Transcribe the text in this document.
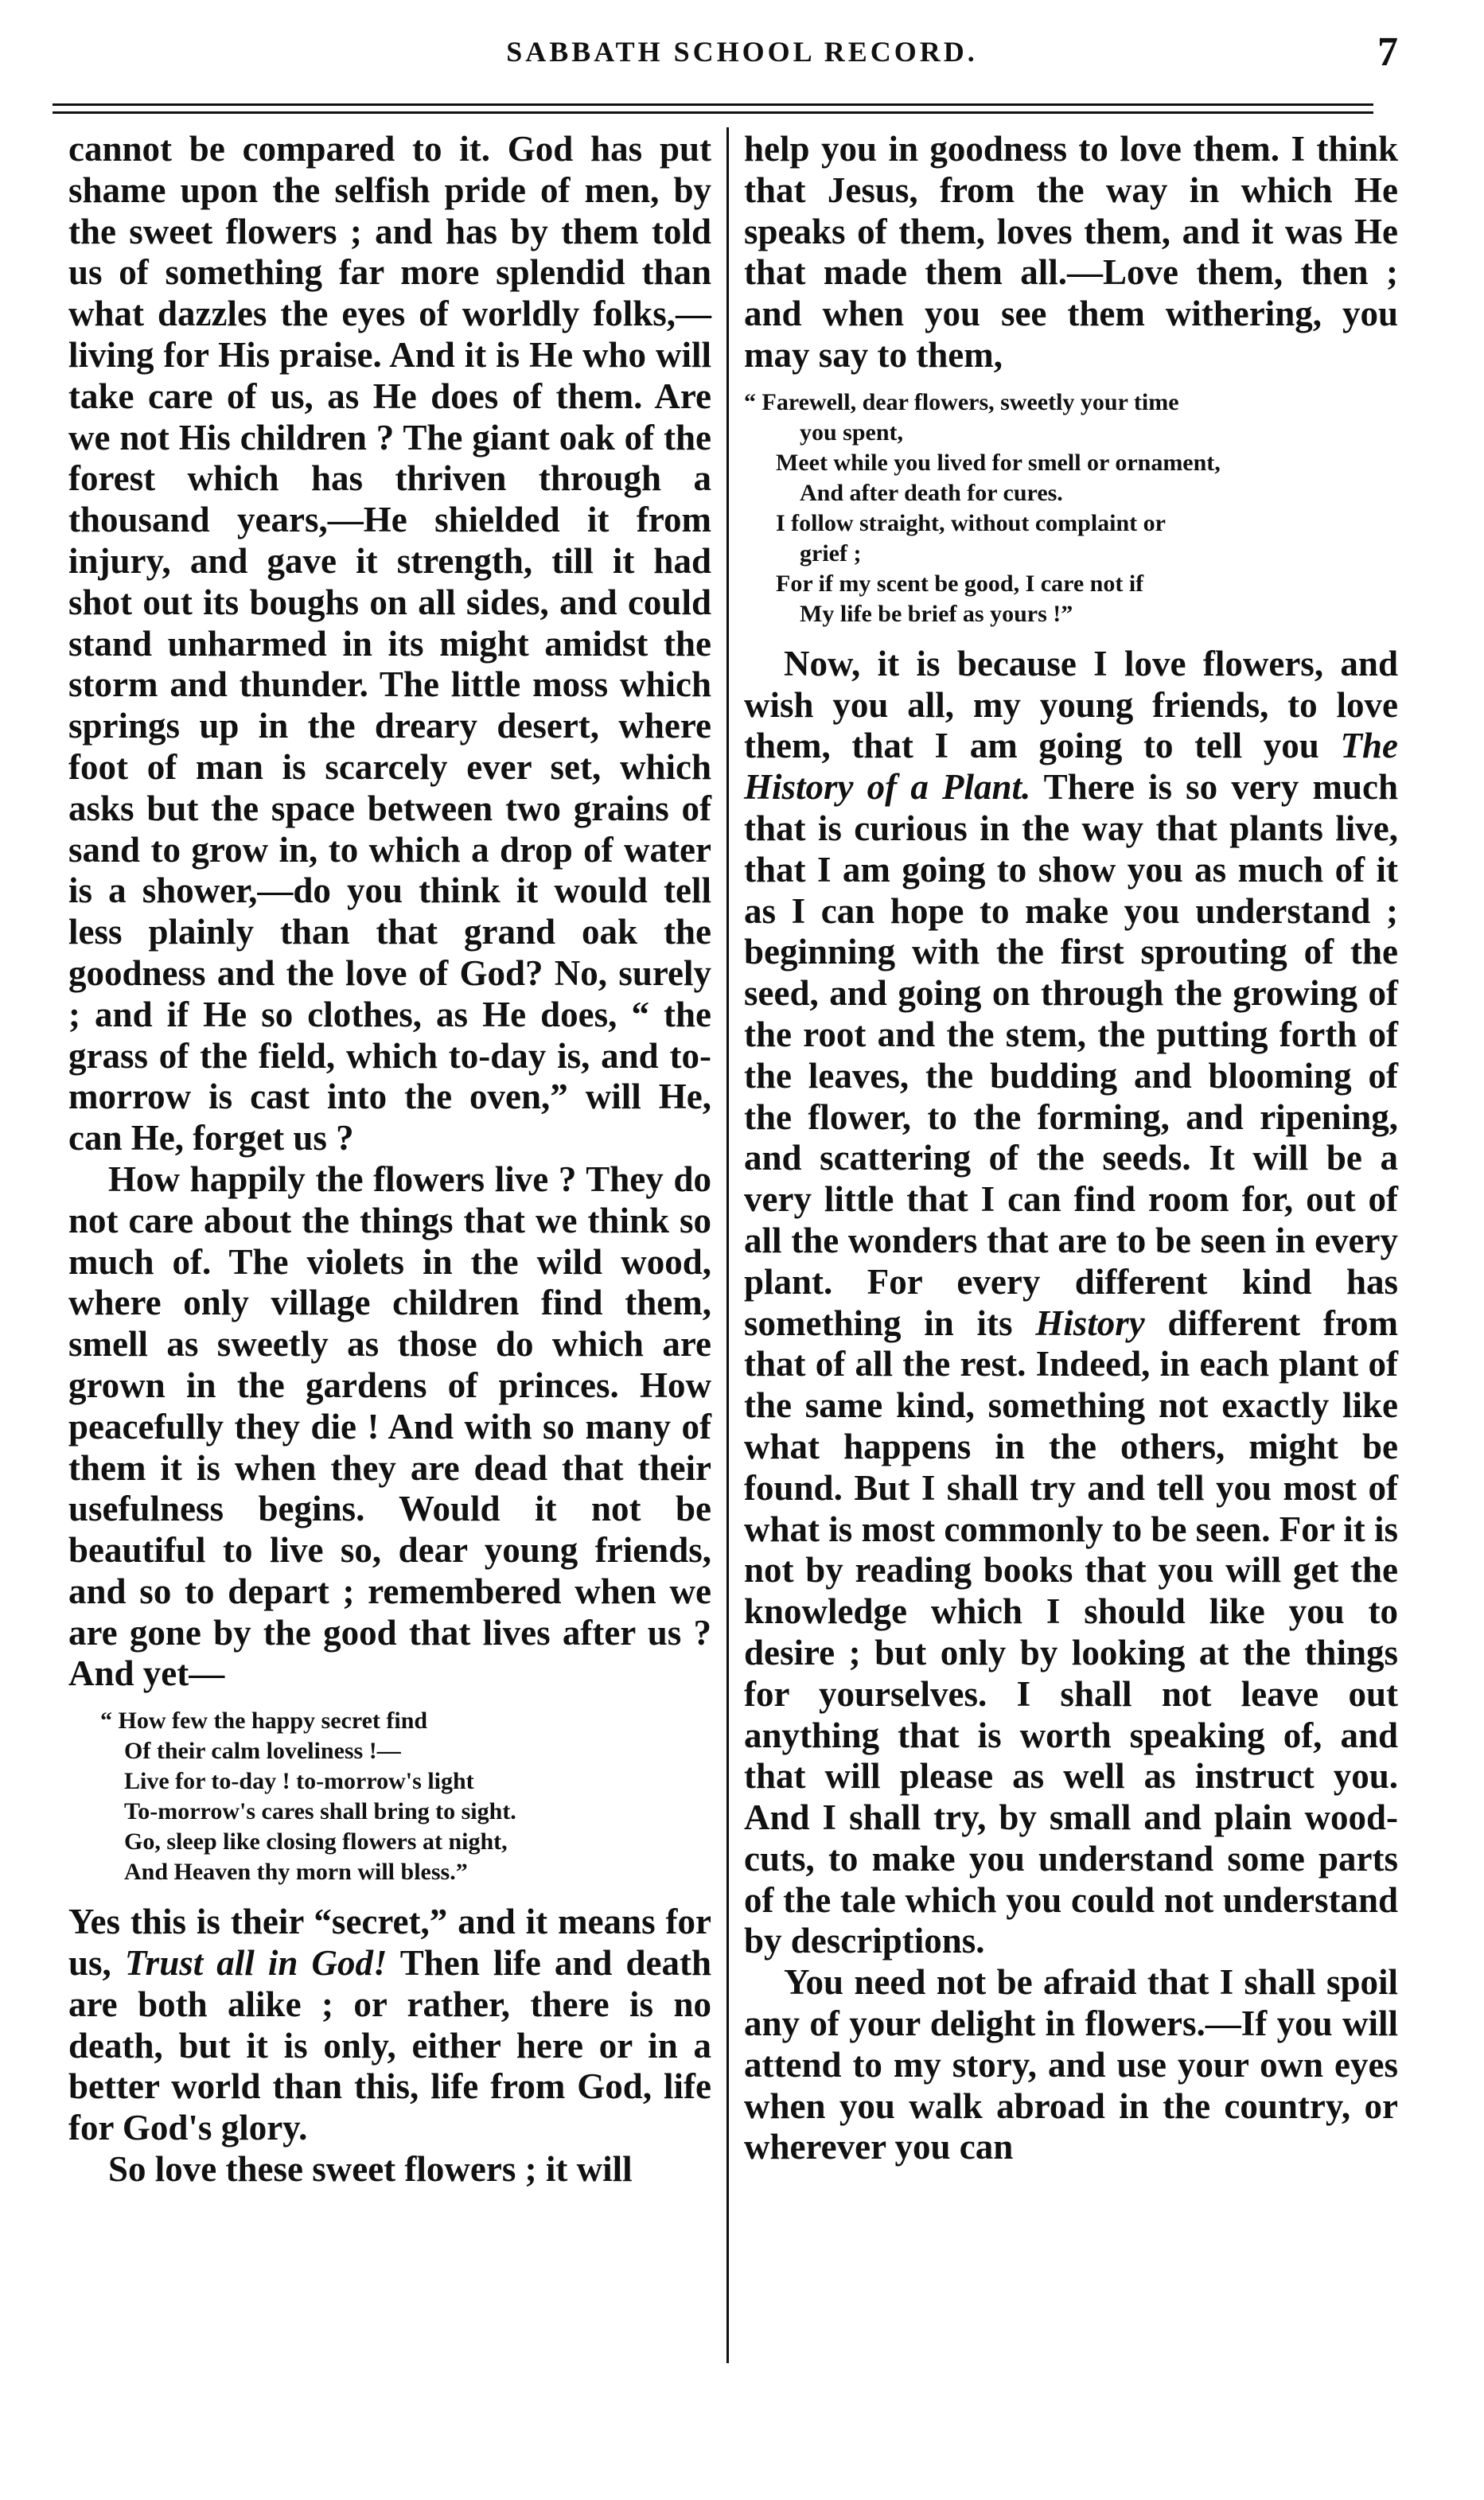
SABBATH SCHOOL RECORD.	7

cannot be compared to it. God has put shame upon the selfish pride of men, by the sweet flowers ; and has by them told us of something far more splendid than what dazzles the eyes of worldly folks,—living for His praise. And it is He who will take care of us, as He does of them. Are we not His children ? The giant oak of the forest which has thriven through a thousand years,—He shielded it from injury, and gave it strength, till it had shot out its boughs on all sides, and could stand unharmed in its might amidst the storm and thunder. The little moss which springs up in the dreary desert, where foot of man is scarcely ever set, which asks but the space between two grains of sand to grow in, to which a drop of water is a shower,—do you think it would tell less plainly than that grand oak the goodness and the love of God? No, surely ; and if He so clothes, as He does, “ the grass of the field, which to-day is, and to-morrow is cast into the oven,” will He, can He, forget us ?

How happily the flowers live ? They do not care about the things that we think so much of. The violets in the wild wood, where only village children find them, smell as sweetly as those do which are grown in the gardens of princes. How peacefully they die ! And with so many of them it is when they are dead that their usefulness begins. Would it not be beautiful to live so, dear young friends, and so to depart ; remembered when we are gone by the good that lives after us ? And yet—

“ How few the happy secret find
Of their calm loveliness !—
Live for to-day ! to-morrow's light
To-morrow's cares shall bring to sight.
Go, sleep like closing flowers at night,
And Heaven thy morn will bless.”

Yes this is their “secret,” and it means for us, Trust all in God! Then life and death are both alike ; or rather, there is no death, but it is only, either here or in a better world than this, life from God, life for God's glory.

So love these sweet flowers ; it will

help you in goodness to love them. I think that Jesus, from the way in which He speaks of them, loves them, and it was He that made them all.—Love them, then ; and when you see them withering, you may say to them,

“ Farewell, dear flowers, sweetly your time
you spent,
Meet while you lived for smell or ornament,
And after death for cures.
I follow straight, without complaint or
grief ;
For if my scent be good, I care not if
My life be brief as yours !”

Now, it is because I love flowers, and wish you all, my young friends, to love them, that I am going to tell you The History of a Plant. There is so very much that is curious in the way that plants live, that I am going to show you as much of it as I can hope to make you understand ; beginning with the first sprouting of the seed, and going on through the growing of the root and the stem, the putting forth of the leaves, the budding and blooming of the flower, to the forming, and ripening, and scattering of the seeds. It will be a very little that I can find room for, out of all the wonders that are to be seen in every plant. For every different kind has something in its History different from that of all the rest. Indeed, in each plant of the same kind, something not exactly like what happens in the others, might be found. But I shall try and tell you most of what is most commonly to be seen. For it is not by reading books that you will get the knowledge which I should like you to desire ; but only by looking at the things for yourselves. I shall not leave out anything that is worth speaking of, and that will please as well as instruct you. And I shall try, by small and plain wood-cuts, to make you understand some parts of the tale which you could not understand by descriptions.

You need not be afraid that I shall spoil any of your delight in flowers.—If you will attend to my story, and use your own eyes when you walk abroad in the country, or wherever you can
